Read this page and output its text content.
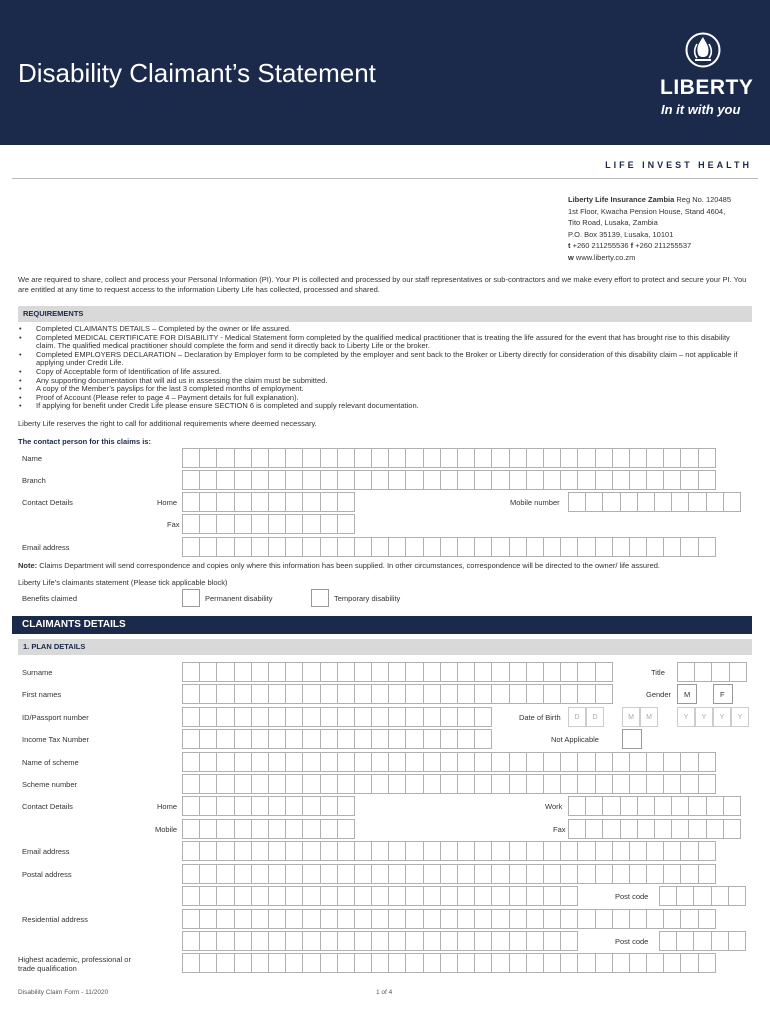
Disability Claimant’s Statement	LIBERTY
In it with you
LIFE INVEST HEALTH
Liberty Life Insurance Zambia Reg No. 120485
1st Floor, Kwacha Pension House, Stand 4604,
Tito Road, Lusaka, Zambia
P.O. Box 35139, Lusaka, 10101
t +260 211255536 f +260 211255537
w www.liberty.co.zm
We are required to share, collect and process your Personal Information (PI). Your PI is collected and processed by our staff representatives or sub-contractors and we make every effort to protect and secure your PI. You are entitled at any time to request access to the information Liberty Life has collected, processed and shared.
REQUIREMENTS
• Completed CLAIMANTS DETAILS – Completed by the owner or life assured.
• Completed MEDICAL CERTIFICATE FOR DISABILITY - Medical Statement form completed by the qualified medical practitioner that is treating the life assured for the event that has brought rise to this disability claim. The qualified medical practitioner should complete the form and send it directly back to Liberty Life or the broker.
• Completed EMPLOYERS DECLARATION – Declaration by Employer form to be completed by the employer and sent back to the Broker or Liberty directly for consideration of this disability claim – not applicable if applying under Credit Life.
• Copy of Acceptable form of Identification of life assured.
• Any supporting documentation that will aid us in assessing the claim must be submitted.
• A copy of the Member’s payslips for the last 3 completed months of employment.
• Proof of Account (Please refer to page 4 – Payment details for full explanation).
• If applying for benefit under Credit Life please ensure SECTION 6 is completed and supply relevant documentation.
Liberty Life reserves the right to call for additional requirements where deemed necessary.
The contact person for this claims is:
Name
Branch
Contact Details	Home	Mobile number
Fax
Email address
Note: Claims Department will send correspondence and copies only where this information has been supplied. In other circumstances, correspondence will be directed to the owner/ life assured.
Liberty Life’s claimants statement (Please tick applicable block)
Benefits claimed	Permanent disability	Temporary disability
CLAIMANTS DETAILS
1. PLAN DETAILS
Surname	Title
First names	Gender M	F
ID/Passport number	Date of Birth	D	D	M	M	Y	Y	Y	Y
Income Tax Number	Not Applicable
Name of scheme
Scheme number
Contact Details	Home	Work
Mobile	Fax
Email address
Postal address
Post code
Residential address
Post code
Highest academic, professional or trade qualification
Disability Claim Form - 11/2020	1 of 4
